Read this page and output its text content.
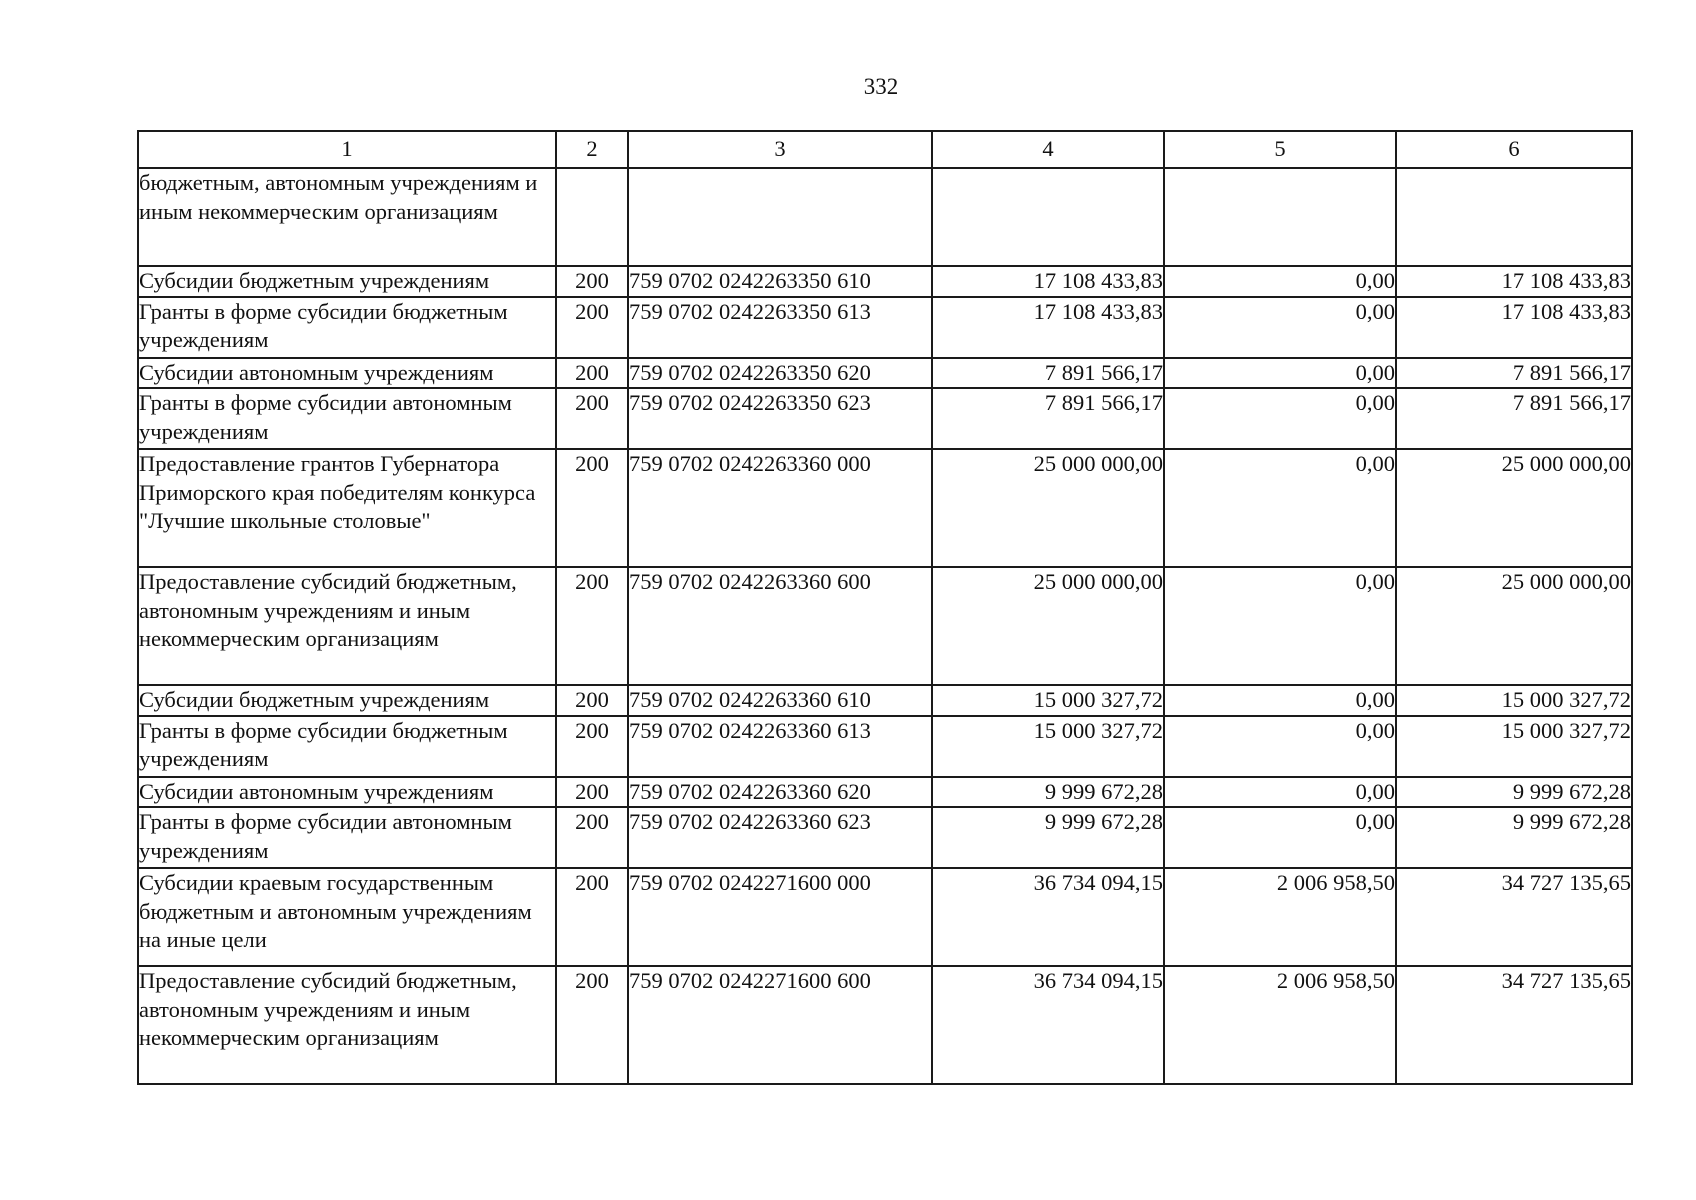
332
1	2	3	4	5	6
бюджетным, автономным учреждениям и иным некоммерческим организациям					
Субсидии бюджетным учреждениям	200	759 0702 0242263350 610	17 108 433,83	0,00	17 108 433,83
Гранты в форме субсидии бюджетным учреждениям	200	759 0702 0242263350 613	17 108 433,83	0,00	17 108 433,83
Субсидии автономным учреждениям	200	759 0702 0242263350 620	7 891 566,17	0,00	7 891 566,17
Гранты в форме субсидии автономным учреждениям	200	759 0702 0242263350 623	7 891 566,17	0,00	7 891 566,17
Предоставление грантов Губернатора Приморского края победителям конкурса "Лучшие школьные столовые"	200	759 0702 0242263360 000	25 000 000,00	0,00	25 000 000,00
Предоставление субсидий бюджетным, автономным учреждениям и иным некоммерческим организациям	200	759 0702 0242263360 600	25 000 000,00	0,00	25 000 000,00
Субсидии бюджетным учреждениям	200	759 0702 0242263360 610	15 000 327,72	0,00	15 000 327,72
Гранты в форме субсидии бюджетным учреждениям	200	759 0702 0242263360 613	15 000 327,72	0,00	15 000 327,72
Субсидии автономным учреждениям	200	759 0702 0242263360 620	9 999 672,28	0,00	9 999 672,28
Гранты в форме субсидии автономным учреждениям	200	759 0702 0242263360 623	9 999 672,28	0,00	9 999 672,28
Субсидии краевым государственным бюджетным и автономным учреждениям на иные цели	200	759 0702 0242271600 000	36 734 094,15	2 006 958,50	34 727 135,65
Предоставление субсидий бюджетным, автономным учреждениям и иным некоммерческим организациям	200	759 0702 0242271600 600	36 734 094,15	2 006 958,50	34 727 135,65
